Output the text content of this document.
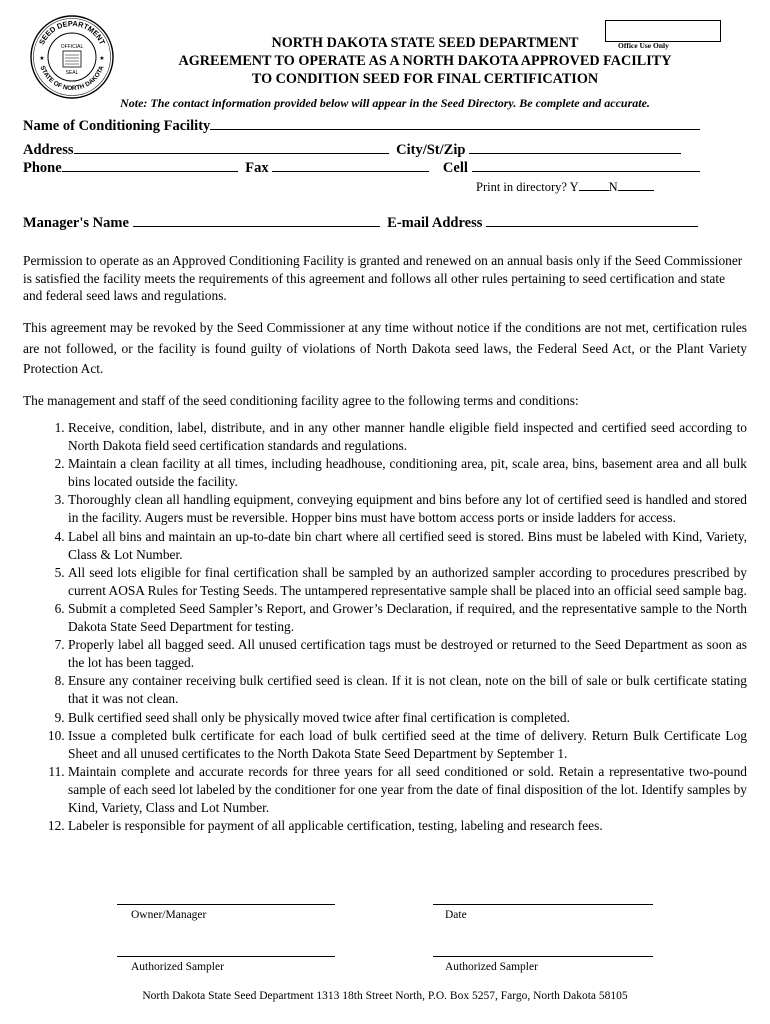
SEED DEPARTMENT
STATE OF NORTH DAKOTA
OFFICIAL
SEAL
★	★
Office Use Only
NORTH DAKOTA STATE SEED DEPARTMENT
AGREEMENT TO OPERATE AS A NORTH DAKOTA APPROVED FACILITY
TO CONDITION SEED FOR FINAL CERTIFICATION
Note: The contact information provided below will appear in the Seed Directory. Be complete and accurate.
Name of Conditioning Facility
Address	City/St/Zip
Phone	Fax	Cell
Print in directory? Y N
Manager's Name	E-mail Address
Permission to operate as an Approved Conditioning Facility is granted and renewed on an annual basis only if the Seed Commissioner is satisfied the facility meets the requirements of this agreement and follows all other rules pertaining to seed certification and state and federal seed laws and regulations.
This agreement may be revoked by the Seed Commissioner at any time without notice if the conditions are not met, certification rules are not followed, or the facility is found guilty of violations of North Dakota seed laws, the Federal Seed Act, or the Plant Variety Protection Act.
The management and staff of the seed conditioning facility agree to the following terms and conditions:
1. Receive, condition, label, distribute, and in any other manner handle eligible field inspected and certified seed according to North Dakota field seed certification standards and regulations.
2. Maintain a clean facility at all times, including headhouse, conditioning area, pit, scale area, bins, basement area and all bulk bins located outside the facility.
3. Thoroughly clean all handling equipment, conveying equipment and bins before any lot of certified seed is handled and stored in the facility. Augers must be reversible. Hopper bins must have bottom access ports or inside ladders for access.
4. Label all bins and maintain an up-to-date bin chart where all certified seed is stored. Bins must be labeled with Kind, Variety, Class & Lot Number.
5. All seed lots eligible for final certification shall be sampled by an authorized sampler according to procedures prescribed by current AOSA Rules for Testing Seeds. The untampered representative sample shall be placed into an official seed sample bag.
6. Submit a completed Seed Sampler’s Report, and Grower’s Declaration, if required, and the representative sample to the North Dakota State Seed Department for testing.
7. Properly label all bagged seed. All unused certification tags must be destroyed or returned to the Seed Department as soon as the lot has been tagged.
8. Ensure any container receiving bulk certified seed is clean. If it is not clean, note on the bill of sale or bulk certificate stating that it was not clean.
9. Bulk certified seed shall only be physically moved twice after final certification is completed.
10. Issue a completed bulk certificate for each load of bulk certified seed at the time of delivery. Return Bulk Certificate Log Sheet and all unused certificates to the North Dakota State Seed Department by September 1.
11. Maintain complete and accurate records for three years for all seed conditioned or sold. Retain a representative two-pound sample of each seed lot labeled by the conditioner for one year from the date of final disposition of the lot. Identify samples by Kind, Variety, Class and Lot Number.
12. Labeler is responsible for payment of all applicable certification, testing, labeling and research fees.
Owner/Manager	Date
Authorized Sampler	Authorized Sampler
North Dakota State Seed Department 1313 18th Street North, P.O. Box 5257, Fargo, North Dakota 58105
